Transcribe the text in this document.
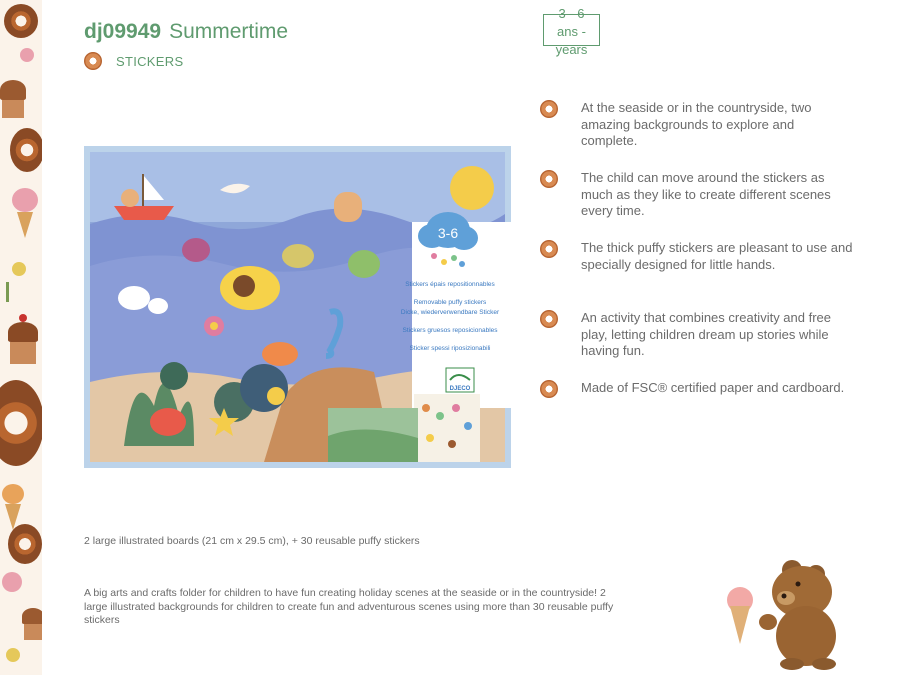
dj09949 Summertime
STICKERS
3 - 6
ans -
years
3-6
Stickers épais repositionnables
Removable puffy stickers
Dicke, wiederverwendbare Sticker
Stickers gruesos reposicionables
Sticker spessi riposizionabili
DJECO
At the seaside or in the countryside, two amazing backgrounds to explore and complete.
The child can move around the stickers as much as they like to create different scenes every time.
The thick puffy stickers are pleasant to use and specially designed for little hands.
An activity that combines creativity and free play, letting children dream up stories while having fun.
Made of FSC® certified paper and cardboard.
2 large illustrated boards (21 cm x 29.5 cm), + 30 reusable puffy stickers
A big arts and crafts folder for children to have fun creating holiday scenes at the seaside or in the countryside! 2 large illustrated backgrounds for children to create fun and adventurous scenes using more than 30 reusable puffy stickers
